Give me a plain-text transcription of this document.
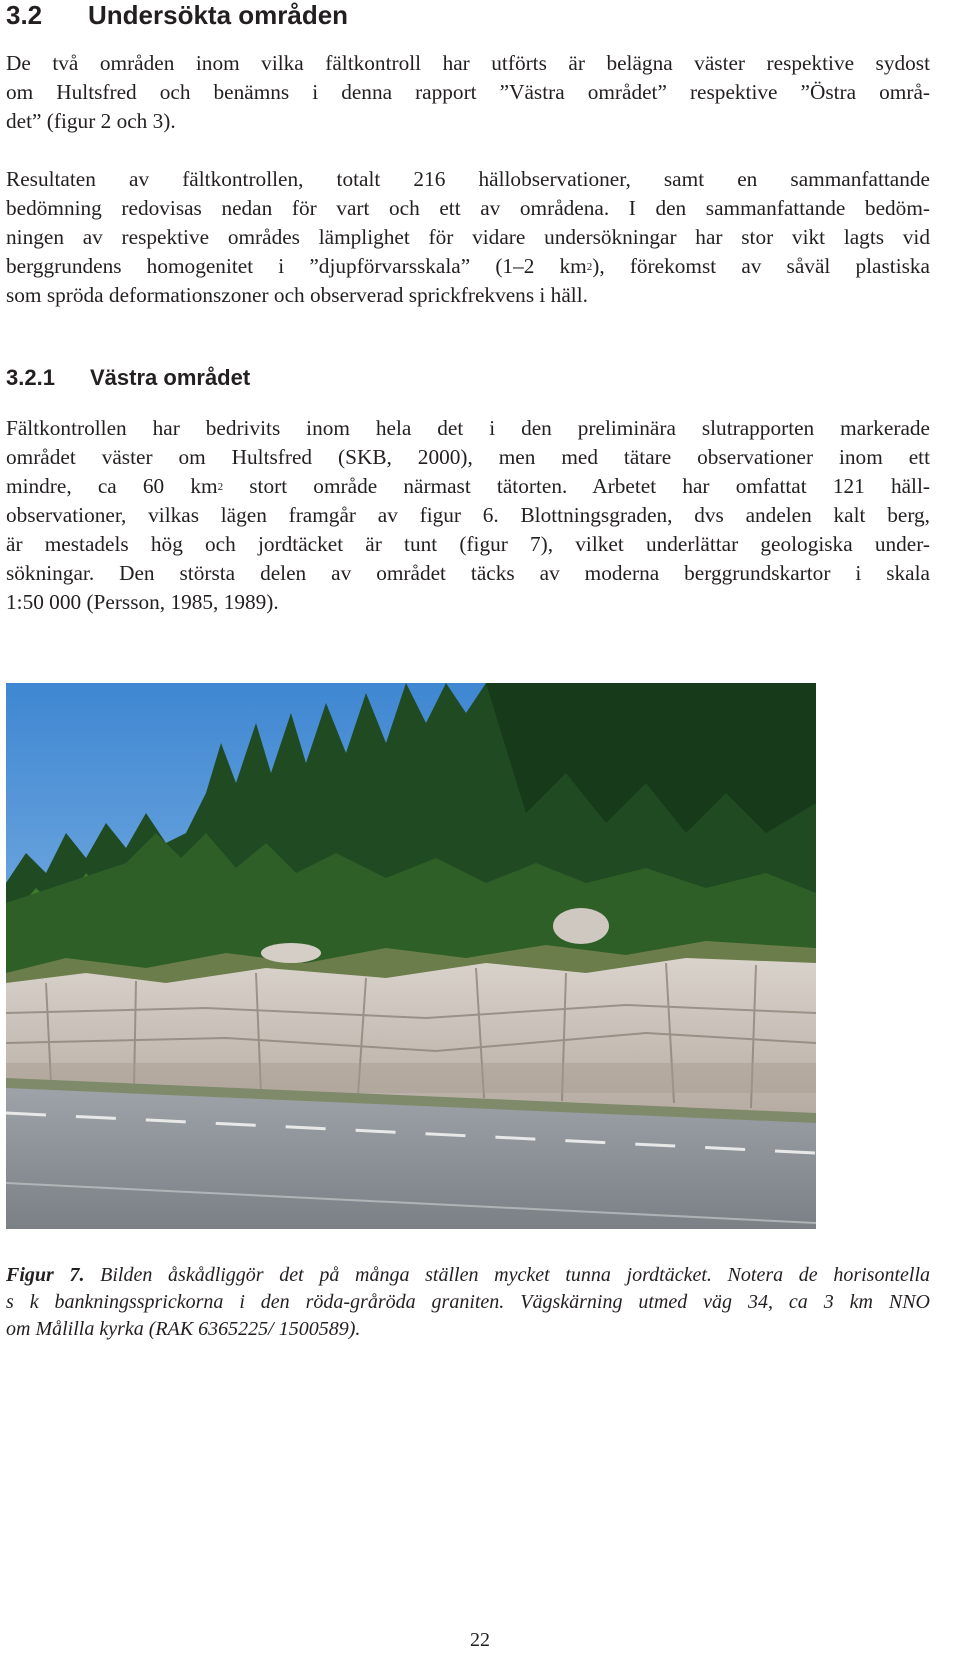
3.2 Undersökta områden

De två områden inom vilka fältkontroll har utförts är belägna väster respektive sydost
om Hultsfred och benämns i denna rapport ”Västra området” respektive ”Östra områ-
det” (figur 2 och 3).

Resultaten av fältkontrollen, totalt 216 hällobservationer, samt en sammanfattande
bedömning redovisas nedan för vart och ett av områdena. I den sammanfattande bedöm-
ningen av respektive områdes lämplighet för vidare undersökningar har stor vikt lagts vid
berggrundens homogenitet i ”djupförvarsskala” (1–2 $km^2$), förekomst av såväl plastiska
som spröda deformationszoner och observerad sprickfrekvens i häll.

3.2.1 Västra området

Fältkontrollen har bedrivits inom hela det i den preliminära slutrapporten markerade
området väster om Hultsfred (SKB, 2000), men med tätare observationer inom ett
mindre, ca 60 $km^2$ stort område närmast tätorten. Arbetet har omfattat 121 häll-
observationer, vilkas lägen framgår av figur 6. Blottningsgraden, dvs andelen kalt berg,
är mestadels hög och jordtäcket är tunt (figur 7), vilket underlättar geologiska under-
sökningar. Den största delen av området täcks av moderna berggrundskartor i skala
1:50 000 (Persson, 1985, 1989).

Figur 7. Bilden åskådliggör det på många ställen mycket tunna jordtäcket. Notera de horisontella
s k bankningssprickorna i den röda-gråröda graniten. Vägskärning utmed väg 34, ca 3 km NNO
om Målilla kyrka (RAK 6365225/ 1500589).

22
